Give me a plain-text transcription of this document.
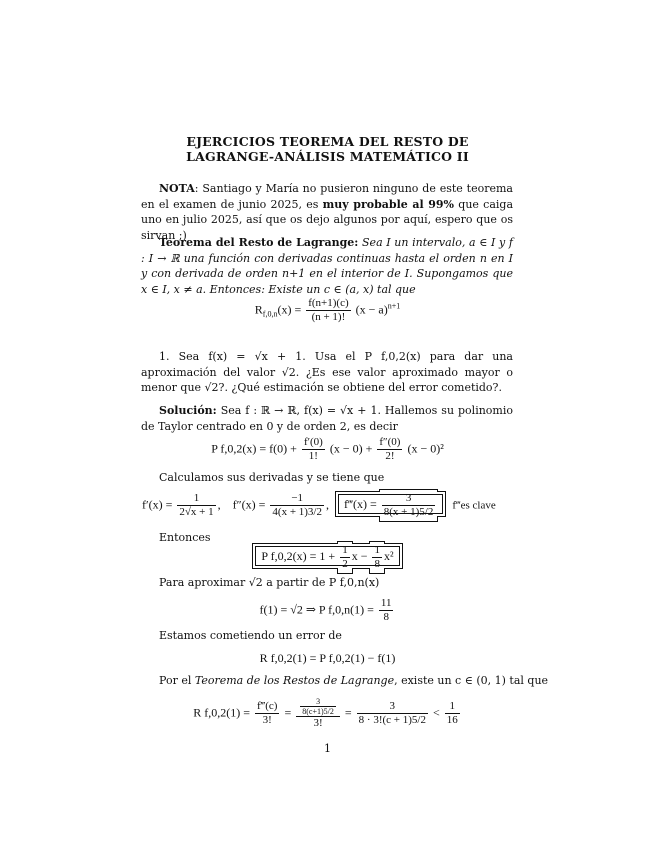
EJERCICIOS TEOREMA DEL RESTO DE
LAGRANGE-ANÁLISIS MATEMÁTICO II
NOTA: Santiago y María no pusieron ninguno de este teorema en el examen de junio 2025, es muy probable al 99% que caiga uno en julio 2025, así que os dejo algunos por aquí, espero que os sirvan ;)
Teorema del Resto de Lagrange: Sea I un intervalo, a ∈ I y f : I → ℝ una función con derivadas continuas hasta el orden n en I y con derivada de orden n+1 en el interior de I. Supongamos que x ∈ I, x ≠ a. Entonces: Existe un c ∈ (a, x) tal que
$R_{f,0,n}(x) = \frac{f(n+1)(c)}{(n + 1)!} (x - a)^{n+1}$
1. Sea f(x) = √x + 1. Usa el P f,0,2(x) para dar una aproximación del valor √2. ¿Es ese valor aproximado mayor o menor que √2?. ¿Qué estimación se obtiene del error cometido?.
Solución: Sea f : ℝ → ℝ, f(x) = √x + 1. Hallemos su polinomio de Taylor centrado en 0 y de orden 2, es decir
P $f,0,2(x) = f(0) + \frac{f'(0)}{1!} (x - 0) + \frac{f''(0)}{2!} (x - 0)^2$
Calculamos sus derivadas y se tiene que
$f'(x) = \frac{1}{2√x + 1}$ ,    $f''(x) = \frac{-1}{4(x + 1)3/2}$ ,   f‴(x) = $\frac{3}{8(x + 1)5/2}$ f‴es clave
Entonces
P $f,0,2(x) = 1 + \frac{1}{2}$ $x - \frac{1}{8} x^2$
Para aproximar √2 a partir de P f,0,n(x)
f(1) = √2 ⇒ P $f,0,n(1) = \frac{11}{8}$
Estamos cometiendo un error de
R f,0,2(1) = P f,0,2(1) − f(1)
Por el Teorema de los Restos de Lagrange, existe un c ∈ (0, 1) tal que
R $f,0,2(1) = \frac{f‴(c)}{3!} = \frac{\frac{3}{8(c+1)5/2}}{3!} = \frac{3}{8 \cdot 3!(c + 1)5/2} < \frac{1}{16}$
1
